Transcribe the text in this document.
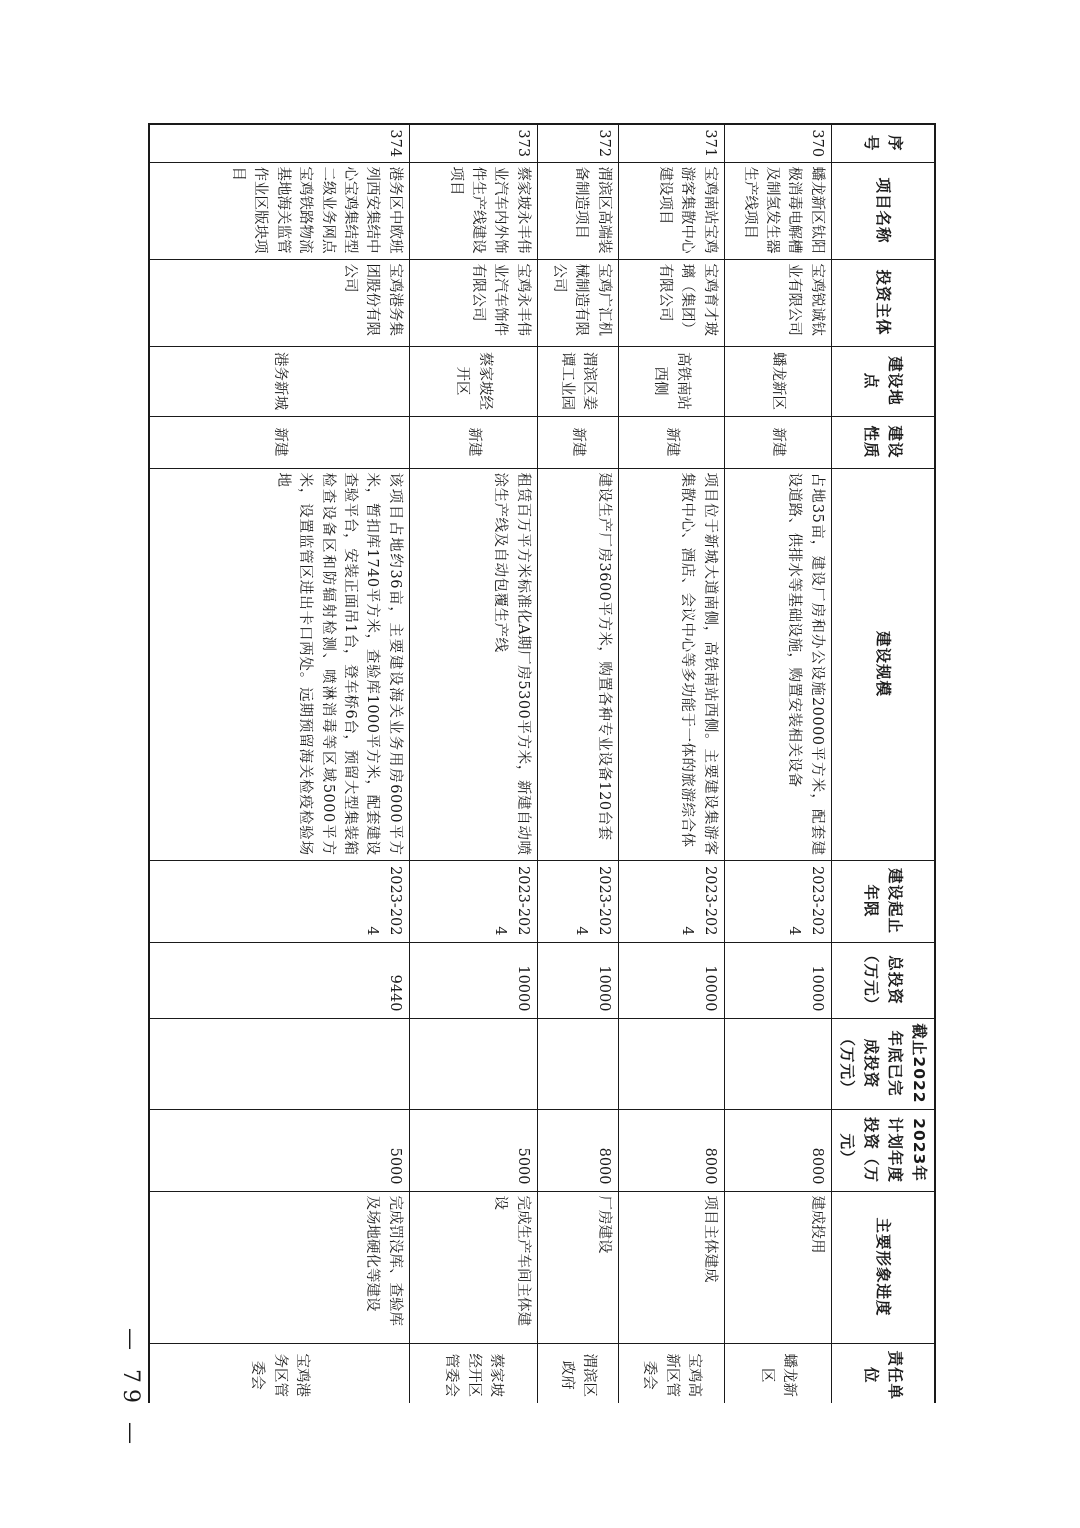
序号	项目名称	投资主体	建设地点	建设性质	建设规模	建设起止年限	总投资（万元）	截止2022年底已完成投资（万元）	2023年计划年度投资（万元）	主要形象进度	责任单位
370	蟠龙新区钛阳极消毒电解槽及制氢发生器生产线项目	宝鸡锐诚钛业有限公司	蟠龙新区	新建	占地35亩，建设厂房和办公设施20000平方米，配套建设道路、供排水等基础设施，购置安装相关设备	2023-2024	10000		8000	建成投用	蟠龙新区
371	宝鸡南站宝鸡游客集散中心建设项目	宝鸡育才玻璃（集团）有限公司	高铁南站西侧	新建	项目位于新城大道南侧，高铁南站西侧。主要建设集游客集散中心、酒店、会议中心等多功能于一体的旅游综合体	2023-2024	10000		8000	项目主体建成	宝鸡高新区管委会
372	渭滨区高端装备制造项目	宝鸡广汇机械制造有限公司	渭滨区姜谭工业园	新建	建设生产厂房3600平方米，购置各种专业设备120台套	2023-2024	10000		8000	厂房建设	渭滨区政府
373	蔡家坡永丰伟业汽车内外饰件生产线建设项目	宝鸡永丰伟业汽车饰件有限公司	蔡家坡经开区	新建	租赁百万平方米标准化A期厂房5300平方米，新建自动喷涂生产线及自动包覆生产线	2023-2024	10000		5000	完成生产车间主体建设	蔡家坡经开区管委会
374	港务区中欧班列西安集结中心宝鸡集结型二级业务网点宝鸡铁路物流基地海关监管作业区版块项目	宝鸡港务集团股份有限公司	港务新城	新建	该项目占地约36亩，主要建设海关业务用房6000平方米，暂扣库1740平方米，查验库1000平方米，配套建设查验平台，安装正面吊1台，登车桥6台，预留大型集装箱检查设备区和防辐射检测、喷淋消毒等区域5000平方米，设置监管区进出卡口两处。远期预留海关检疫检验场地	2023-2024	9440		5000	完成罚没库、查验库及场地硬化等建设	宝鸡港务区管委会
— 79 —
